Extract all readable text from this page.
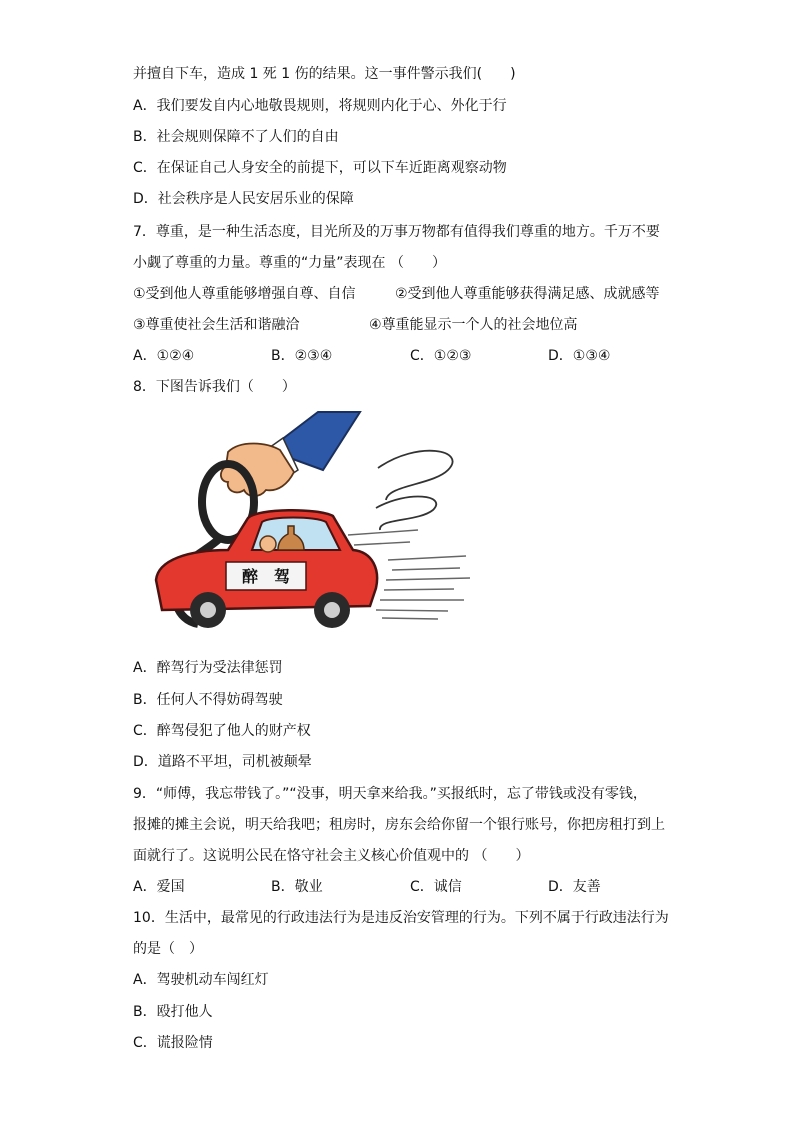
并擅自下车，造成 1 死 1 伤的结果。这一事件警示我们(　　)
A．我们要发自内心地敬畏规则，将规则内化于心、外化于行
B．社会规则保障不了人们的自由
C．在保证自己人身安全的前提下，可以下车近距离观察动物
D．社会秩序是人民安居乐业的保障
7．尊重，是一种生活态度，目光所及的万事万物都有值得我们尊重的地方。千万不要
小觑了尊重的力量。尊重的“力量”表现在 （　　）
①受到他人尊重能够增强自尊、自信	②受到他人尊重能够获得满足感、成就感等
③尊重使社会生活和谐融洽	④尊重能显示一个人的社会地位高
A．①②④	B．②③④	C．①②③	D．①③④
8．下图告诉我们（　　）
醉　驾
A．醉驾行为受法律惩罚
B．任何人不得妨碍驾驶
C．醉驾侵犯了他人的财产权
D．道路不平坦，司机被颠晕
9．“师傅，我忘带钱了。”“没事，明天拿来给我。”买报纸时，忘了带钱或没有零钱，
报摊的摊主会说，明天给我吧；租房时，房东会给你留一个银行账号，你把房租打到上
面就行了。这说明公民在恪守社会主义核心价值观中的 （　　）
A．爱国	B．敬业	C．诚信	D．友善
10．生活中，最常见的行政违法行为是违反治安管理的行为。下列不属于行政违法行为
的是（　）
A．驾驶机动车闯红灯
B．殴打他人
C．谎报险情
